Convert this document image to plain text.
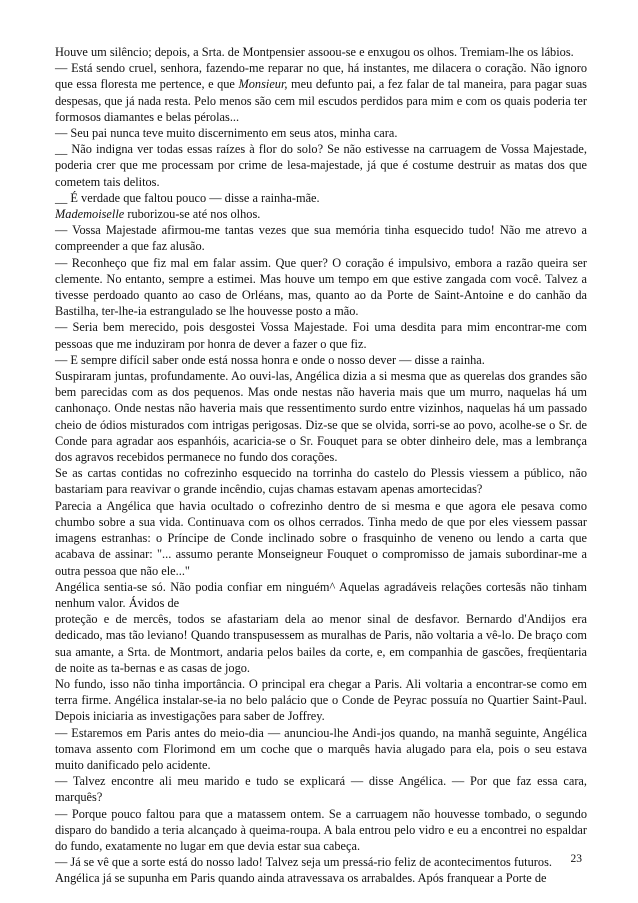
Houve um silêncio; depois, a Srta. de Montpensier assoou-se e enxugou os olhos. Tremiam-lhe os lábios.

— Está sendo cruel, senhora, fazendo-me reparar no que, há instantes, me dilacera o coração. Não ignoro que essa floresta me pertence, e que Monsieur, meu defunto pai, a fez falar de tal maneira, para pagar suas despesas, que já nada resta. Pelo menos são cem mil escudos perdidos para mim e com os quais poderia ter formosos diamantes e belas pérolas...

— Seu pai nunca teve muito discernimento em seus atos, minha cara.

__ Não indigna ver todas essas raízes à flor do solo? Se não estivesse na carruagem de Vossa Majestade, poderia crer que me processam por crime de lesa-majestade, já que é costume destruir as matas dos que cometem tais delitos.

__ É verdade que faltou pouco — disse a rainha-mãe.

Mademoiselle ruborizou-se até nos olhos.

— Vossa Majestade afirmou-me tantas vezes que sua memória tinha esquecido tudo! Não me atrevo a compreender a que faz alusão.

— Reconheço que fiz mal em falar assim. Que quer? O coração é impulsivo, embora a razão queira ser clemente. No entanto, sempre a estimei. Mas houve um tempo em que estive zangada com você. Talvez a tivesse perdoado quanto ao caso de Orléans, mas, quanto ao da Porte de Saint-Antoine e do canhão da Bastilha, ter-lhe-ia estrangulado se lhe houvesse posto a mão.

— Seria bem merecido, pois desgostei Vossa Majestade. Foi uma desdita para mim encontrar-me com pessoas que me induziram por honra de dever a fazer o que fiz.

— E sempre difícil saber onde está nossa honra e onde o nosso dever — disse a rainha.

Suspiraram juntas, profundamente. Ao ouvi-las, Angélica dizia a si mesma que as querelas dos grandes são bem parecidas com as dos pequenos. Mas onde nestas não haveria mais que um murro, naquelas há um canhonaço. Onde nestas não haveria mais que ressentimento surdo entre vizinhos, naquelas há um passado cheio de ódios misturados com intrigas perigosas. Diz-se que se olvida, sorri-se ao povo, acolhe-se o Sr. de Conde para agradar aos espanhóis, acaricia-se o Sr. Fouquet para se obter dinheiro dele, mas a lembrança dos agravos recebidos permanece no fundo dos corações.

Se as cartas contidas no cofrezinho esquecido na torrinha do castelo do Plessis viessem a público, não bastariam para reavivar o grande incêndio, cujas chamas estavam apenas amortecidas?

Parecia a Angélica que havia ocultado o cofrezinho dentro de si mesma e que agora ele pesava como chumbo sobre a sua vida. Continuava com os olhos cerrados. Tinha medo de que por eles viessem passar imagens estranhas: o Príncipe de Conde inclinado sobre o frasquinho de veneno ou lendo a carta que acabava de assinar: "... assumo perante Monseigneur Fouquet o compromisso de jamais subordinar-me a outra pessoa que não ele..."

Angélica sentia-se só. Não podia confiar em ninguém^ Aquelas agradáveis relações cortesãs não tinham nenhum valor. Ávidos de

proteção e de mercês, todos se afastariam dela ao menor sinal de desfavor. Bernardo d'Andijos era dedicado, mas tão leviano! Quando transpusessem as muralhas de Paris, não voltaria a vê-lo. De braço com sua amante, a Srta. de Montmort, andaria pelos bailes da corte, e, em companhia de gascões, freqüentaria de noite as ta-bernas e as casas de jogo.

No fundo, isso não tinha importância. O principal era chegar a Paris. Ali voltaria a encontrar-se como em terra firme. Angélica instalar-se-ia no belo palácio que o Conde de Peyrac possuía no Quartier Saint-Paul. Depois iniciaria as investigações para saber de Joffrey.

— Estaremos em Paris antes do meio-dia — anunciou-lhe Andi-jos quando, na manhã seguinte, Angélica tomava assento com Florimond em um coche que o marquês havia alugado para ela, pois o seu estava muito danificado pelo acidente.

— Talvez encontre ali meu marido e tudo se explicará — disse Angélica. — Por que faz essa cara, marquês?

— Porque pouco faltou para que a matassem ontem. Se a carruagem não houvesse tombado, o segundo disparo do bandido a teria alcançado à queima-roupa. A bala entrou pelo vidro e eu a encontrei no espaldar do fundo, exatamente no lugar em que devia estar sua cabeça.

— Já se vê que a sorte está do nosso lado! Talvez seja um pressá-rio feliz de acontecimentos futuros.

Angélica já se supunha em Paris quando ainda atravessava os arrabaldes. Após franquear a Porte de

23
